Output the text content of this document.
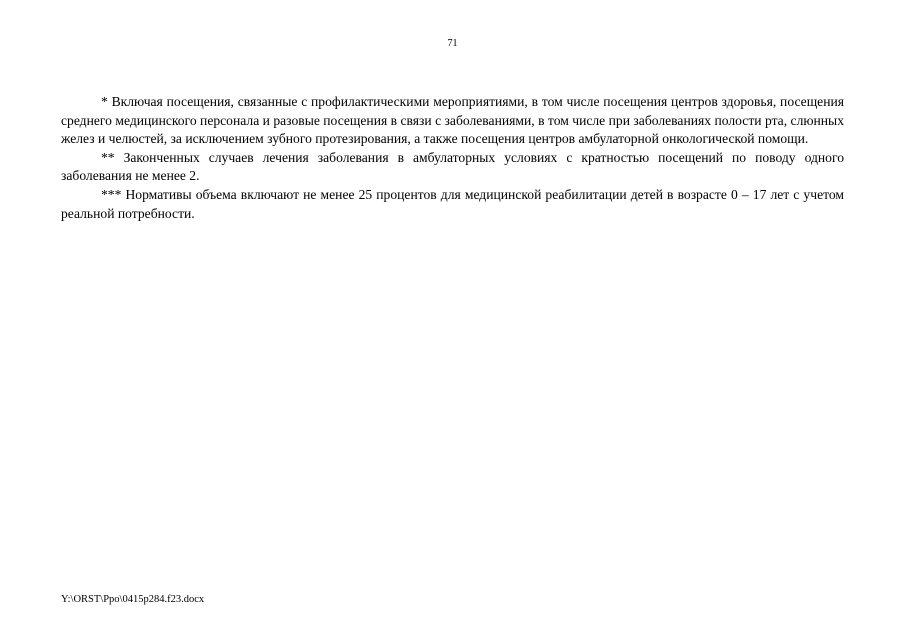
71

* Включая посещения, связанные с профилактическими мероприятиями, в том числе посещения центров здоровья, посещения среднего медицинского персонала и разовые посещения в связи с заболеваниями, в том числе при заболеваниях полости рта, слюнных желез и челюстей, за исключением зубного протезирования, а также посещения центров амбулаторной онкологической помощи.

** Законченных случаев лечения заболевания в амбулаторных условиях с кратностью посещений по поводу одного заболевания не менее 2.

*** Нормативы объема включают не менее 25 процентов для медицинской реабилитации детей в возрасте 0 – 17 лет с учетом реальной потребности.

Y:\ORST\Ppo\0415p284.f23.docx
